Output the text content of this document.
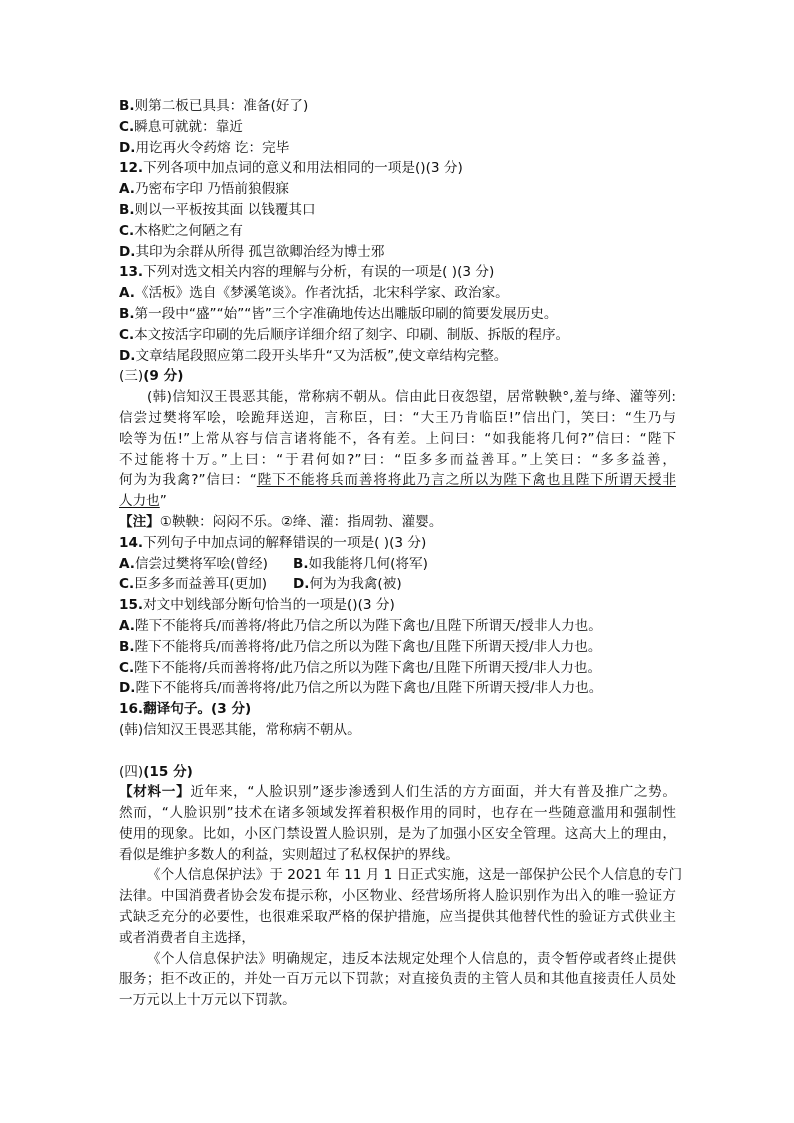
B.则第二板已具具：准备(好了)
C.瞬息可就就：靠近
D.用讫再火令药熔 讫：完毕
12.下列各项中加点词的意义和用法相同的一项是()(3 分)
A.乃密布字印 乃悟前狼假寐
B.则以一平板按其面 以钱覆其口
C.木格贮之何陋之有
D.其印为余群从所得 孤岂欲卿治经为博士邪
13.下列对选文相关内容的理解与分析，有误的一项是( )(3 分)
A.《活板》选自《梦溪笔谈》。作者沈括，北宋科学家、政治家。
B.第一段中“盛”“始”“皆”三个字准确地传达出雕版印刷的简要发展历史。
C.本文按活字印刷的先后顺序详细介绍了刻字、印刷、制版、拆版的程序。
D.文章结尾段照应第二段开头毕升“又为活板”,使文章结构完整。
(三)(9 分)
(韩)信知汉王畏恶其能，常称病不朝从。信由此日夜怨望，居常鞅鞅°,羞与绛、灌等列:
信尝过樊将军哙，哙跪拜送迎，言称臣，曰：“大王乃肯临臣!”信出门，笑曰：“生乃与
哙等为伍!”上常从容与信言诸将能不，各有差。上问曰：“如我能将几何?”信曰：“陛下
不过能将十万。”上曰：“于君何如?”曰：“臣多多而益善耳。”上笑曰：“多多益善，
何为为我禽?”信曰：“陛下不能将兵而善将将此乃言之所以为陛下禽也且陛下所谓天授非
人力也”
【注】①鞅鞅：闷闷不乐。②绛、灌：指周勃、灌婴。
14.下列句子中加点词的解释错误的一项是( )(3 分)
A.信尝过樊将军哙(曾经) B.如我能将几何(将军)
C.臣多多而益善耳(更加) D.何为为我禽(被)
15.对文中划线部分断句恰当的一项是()(3 分)
A.陛下不能将兵/而善将/将此乃信之所以为陛下禽也/且陛下所谓天/授非人力也。
B.陛下不能将兵/而善将将/此乃信之所以为陛下禽也/且陛下所谓天授/非人力也。
C.陛下不能将/兵而善将将/此乃信之所以为陛下禽也/且陛下所谓天授/非人力也。
D.陛下不能将兵/而善将将/此乃信之所以为陛下禽也/且陛下所谓天授/非人力也。
16.翻译句子。(3 分)
(韩)信知汉王畏恶其能，常称病不朝从。
(四)(15 分)
【材料一】近年来，“人脸识别”逐步渗透到人们生活的方方面面，并大有普及推广之势。
然而，“人脸识别”技术在诸多领域发挥着积极作用的同时，也存在一些随意滥用和强制性
使用的现象。比如，小区门禁设置人脸识别，是为了加强小区安全管理。这高大上的理由，
看似是维护多数人的利益，实则超过了私权保护的界线。
《个人信息保护法》于 2021 年 11 月 1 日正式实施，这是一部保护公民个人信息的专门
法律。中国消费者协会发布提示称，小区物业、经营场所将人脸识别作为出入的唯一验证方
式缺乏充分的必要性，也很难采取严格的保护措施，应当提供其他替代性的验证方式供业主
或者消费者自主选择，
《个人信息保护法》明确规定，违反本法规定处理个人信息的，责令暂停或者终止提供
服务；拒不改正的，并处一百万元以下罚款；对直接负责的主管人员和其他直接责任人员处
一万元以上十万元以下罚款。
